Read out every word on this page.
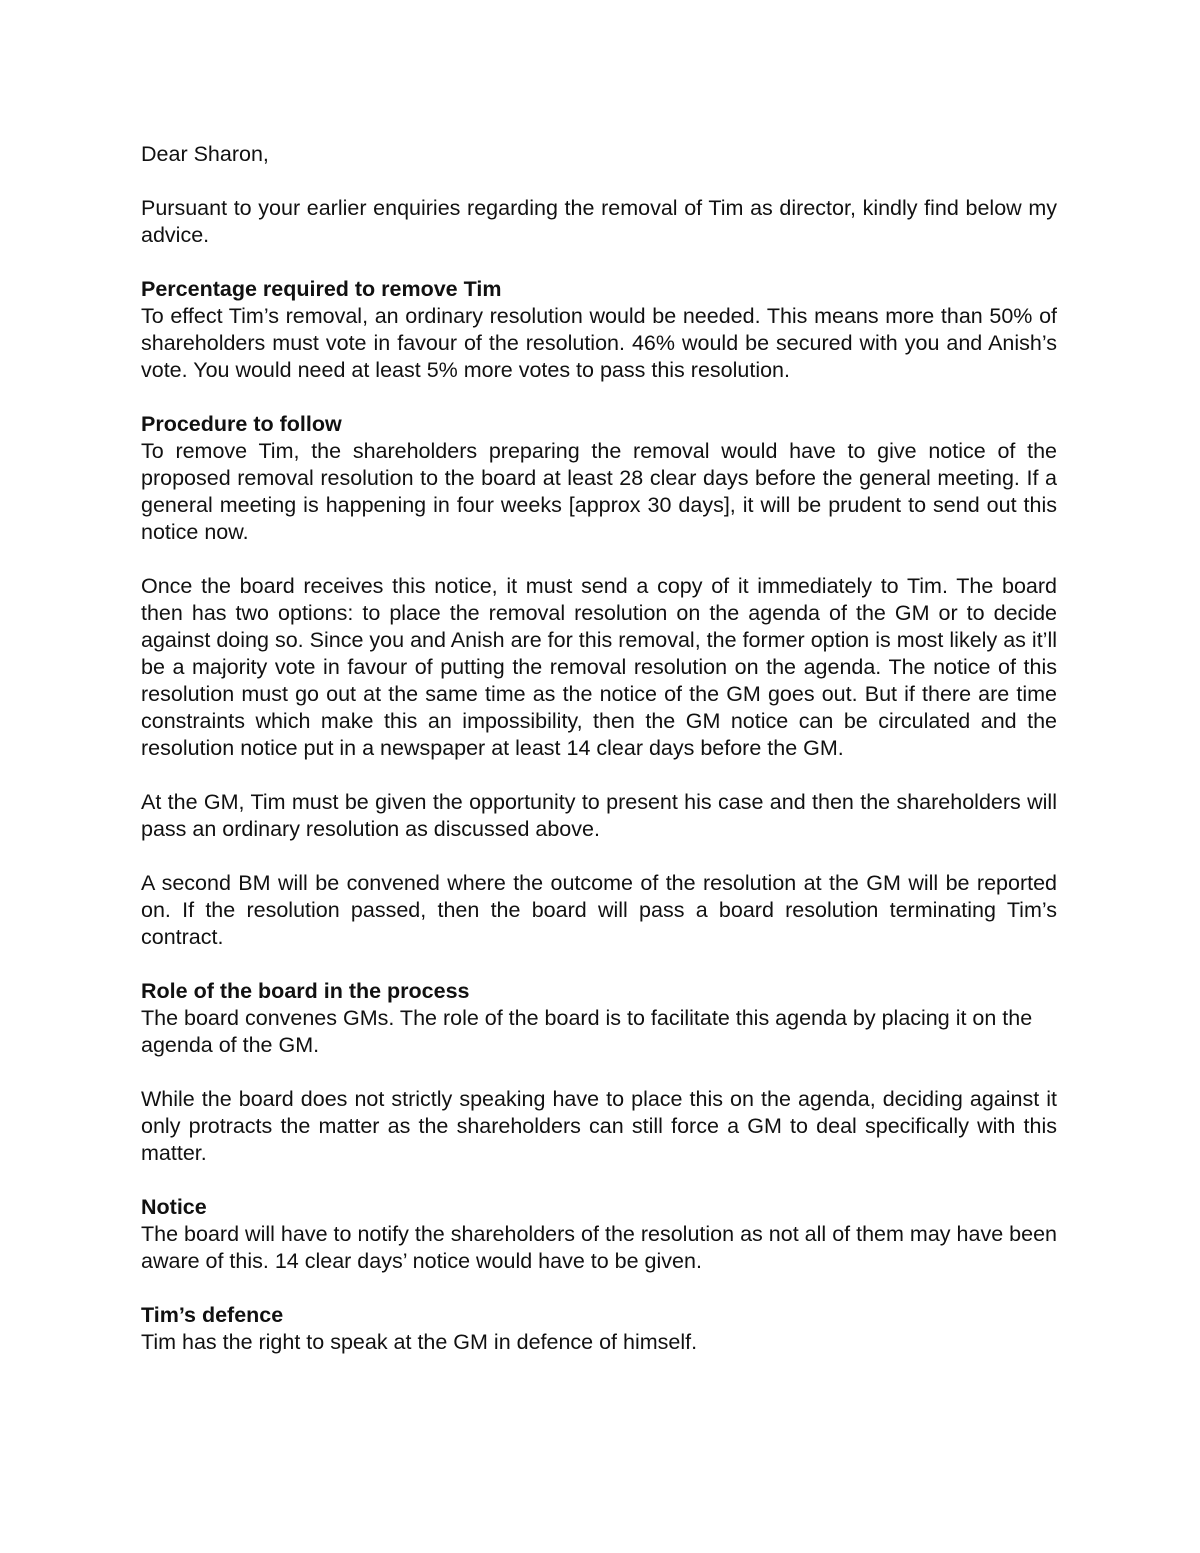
Dear Sharon,

Pursuant to your earlier enquiries regarding the removal of Tim as director, kindly find below my advice.

Percentage required to remove Tim

To effect Tim’s removal, an ordinary resolution would be needed. This means more than 50% of shareholders must vote in favour of the resolution. 46% would be secured with you and Anish’s vote. You would need at least 5% more votes to pass this resolution.

Procedure to follow

To remove Tim, the shareholders preparing the removal would have to give notice of the proposed removal resolution to the board at least 28 clear days before the general meeting. If a general meeting is happening in four weeks [approx 30 days], it will be prudent to send out this notice now.

Once the board receives this notice, it must send a copy of it immediately to Tim. The board then has two options: to place the removal resolution on the agenda of the GM or to decide against doing so. Since you and Anish are for this removal, the former option is most likely as it’ll be a majority vote in favour of putting the removal resolution on the agenda. The notice of this resolution must go out at the same time as the notice of the GM goes out. But if there are time constraints which make this an impossibility, then the GM notice can be circulated and the resolution notice put in a newspaper at least 14 clear days before the GM.

At the GM, Tim must be given the opportunity to present his case and then the shareholders will pass an ordinary resolution as discussed above.

A second BM will be convened where the outcome of the resolution at the GM will be reported on. If the resolution passed, then the board will pass a board resolution terminating Tim’s contract.

Role of the board in the process

The board convenes GMs. The role of the board is to facilitate this agenda by placing it on the agenda of the GM.

While the board does not strictly speaking have to place this on the agenda, deciding against it only protracts the matter as the shareholders can still force a GM to deal specifically with this matter.

Notice

The board will have to notify the shareholders of the resolution as not all of them may have been aware of this. 14 clear days’ notice would have to be given.

Tim’s defence

Tim has the right to speak at the GM in defence of himself.
